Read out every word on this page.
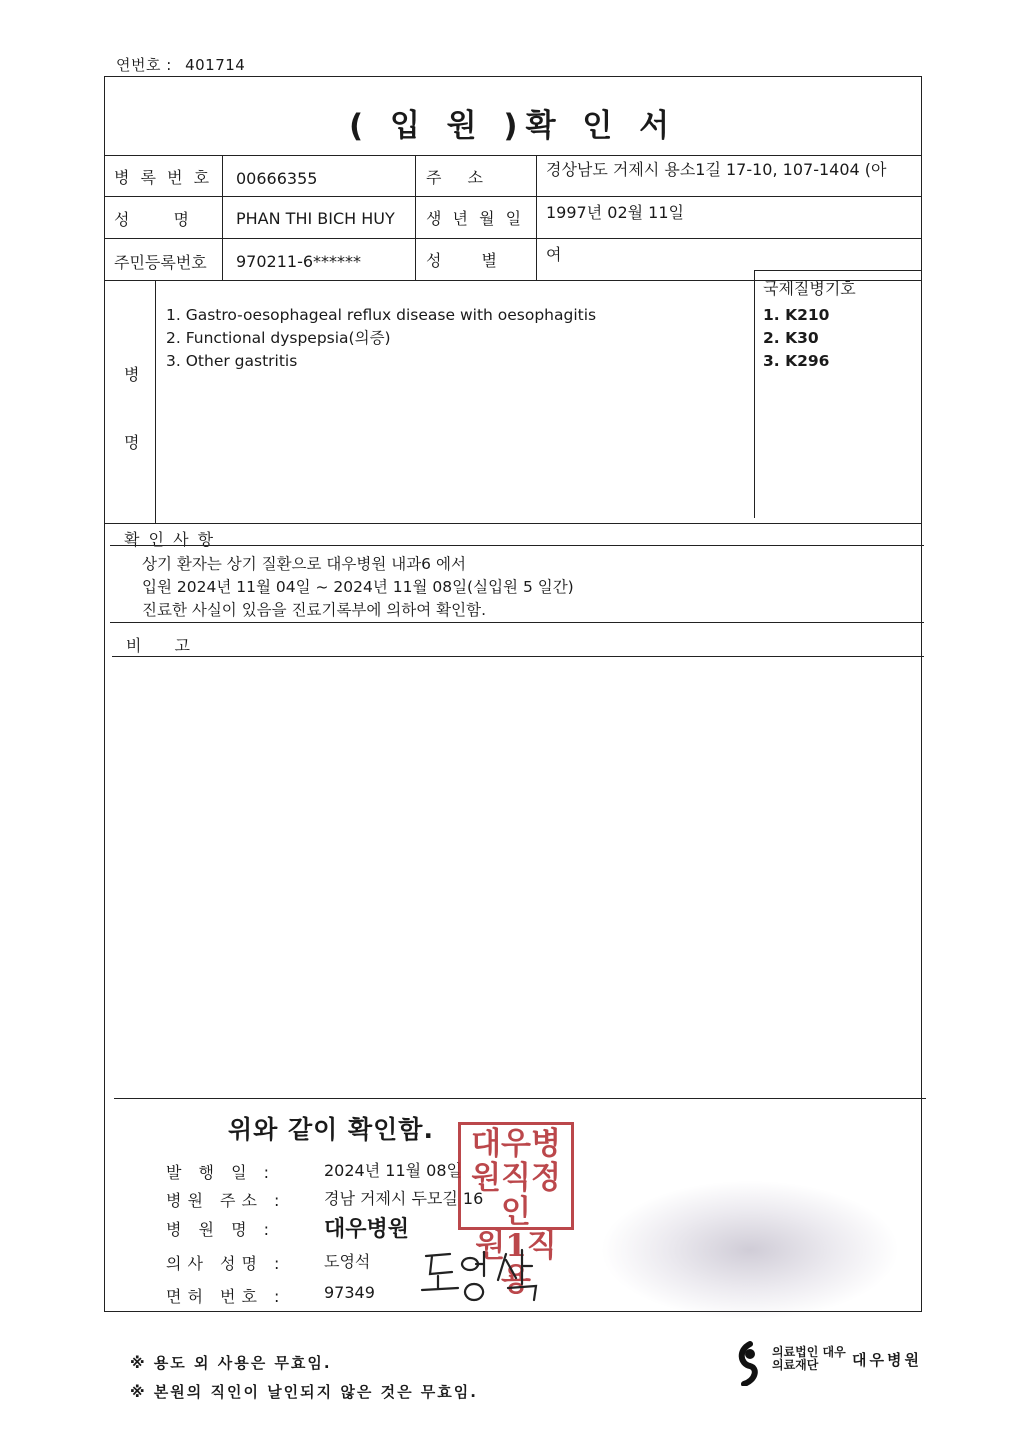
연번호 : 401714
( 입 원 )확 인 서
병 록 번 호 00666355	주소 경상남도 거제시 용소1길 17-10, 107-1404 (아
성명 PHAN THI BICH HUY 생 년 월 일 1997년 02월 11일
주민등록번호 970211-6******	성별 여
병
명
1. Gastro-oesophageal reflux disease with oesophagitis
2. Functional dyspepsia(의증)
3. Other gastritis
국제질병기호
1. K210
2. K30
3. K296
확 인 사 항
상기 환자는 상기 질환으로 대우병원 내과6 에서
입원 2024년 11월 04일 ~ 2024년 11월 08일(실입원 5 일간)
진료한 사실이 있음을 진료기록부에 의하여 확인함.
비 고
위와 같이 확인함.
발 행 일 :	2024년 11월 08일
병원 주소 : 경남 거제시 두모길 16
병 원 명 : 대우병원
의사 성명 : 도영석
면허 번호 : 97349
대우병
원직정인
원1직용
※ 용도 외 사용은 무효임.
※ 본원의 직인이 날인되지 않은 것은 무효임.
의료법인 대우의료재단	대우병원
